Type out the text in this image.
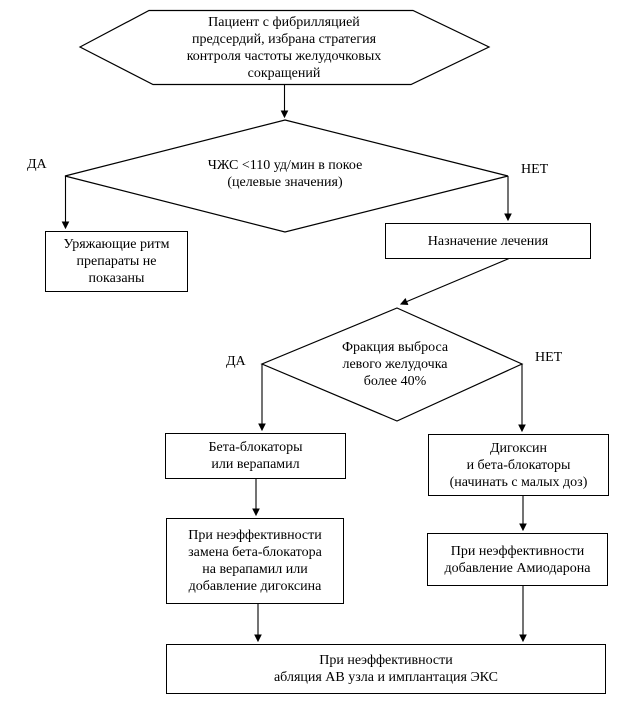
Пациент с фибрилляцией
предсердий, избрана стратегия
контроля частоты желудочковых
сокращений
ЧЖС <110 уд/мин в покое
(целевые значения)
ДА	НЕТ
Уряжающие ритм
препараты не
показаны
Назначение лечения
Фракция выброса
левого желудочка
более 40%
ДА	НЕТ
Бета-блокаторы
или верапамил
Дигоксин
и бета-блокаторы
(начинать с малых доз)
При неэффективности
замена бета-блокатора
на верапамил или
добавление дигоксина
При неэффективности
добавление Амиодарона
При неэффективности
абляция АВ узла и имплантация ЭКС
